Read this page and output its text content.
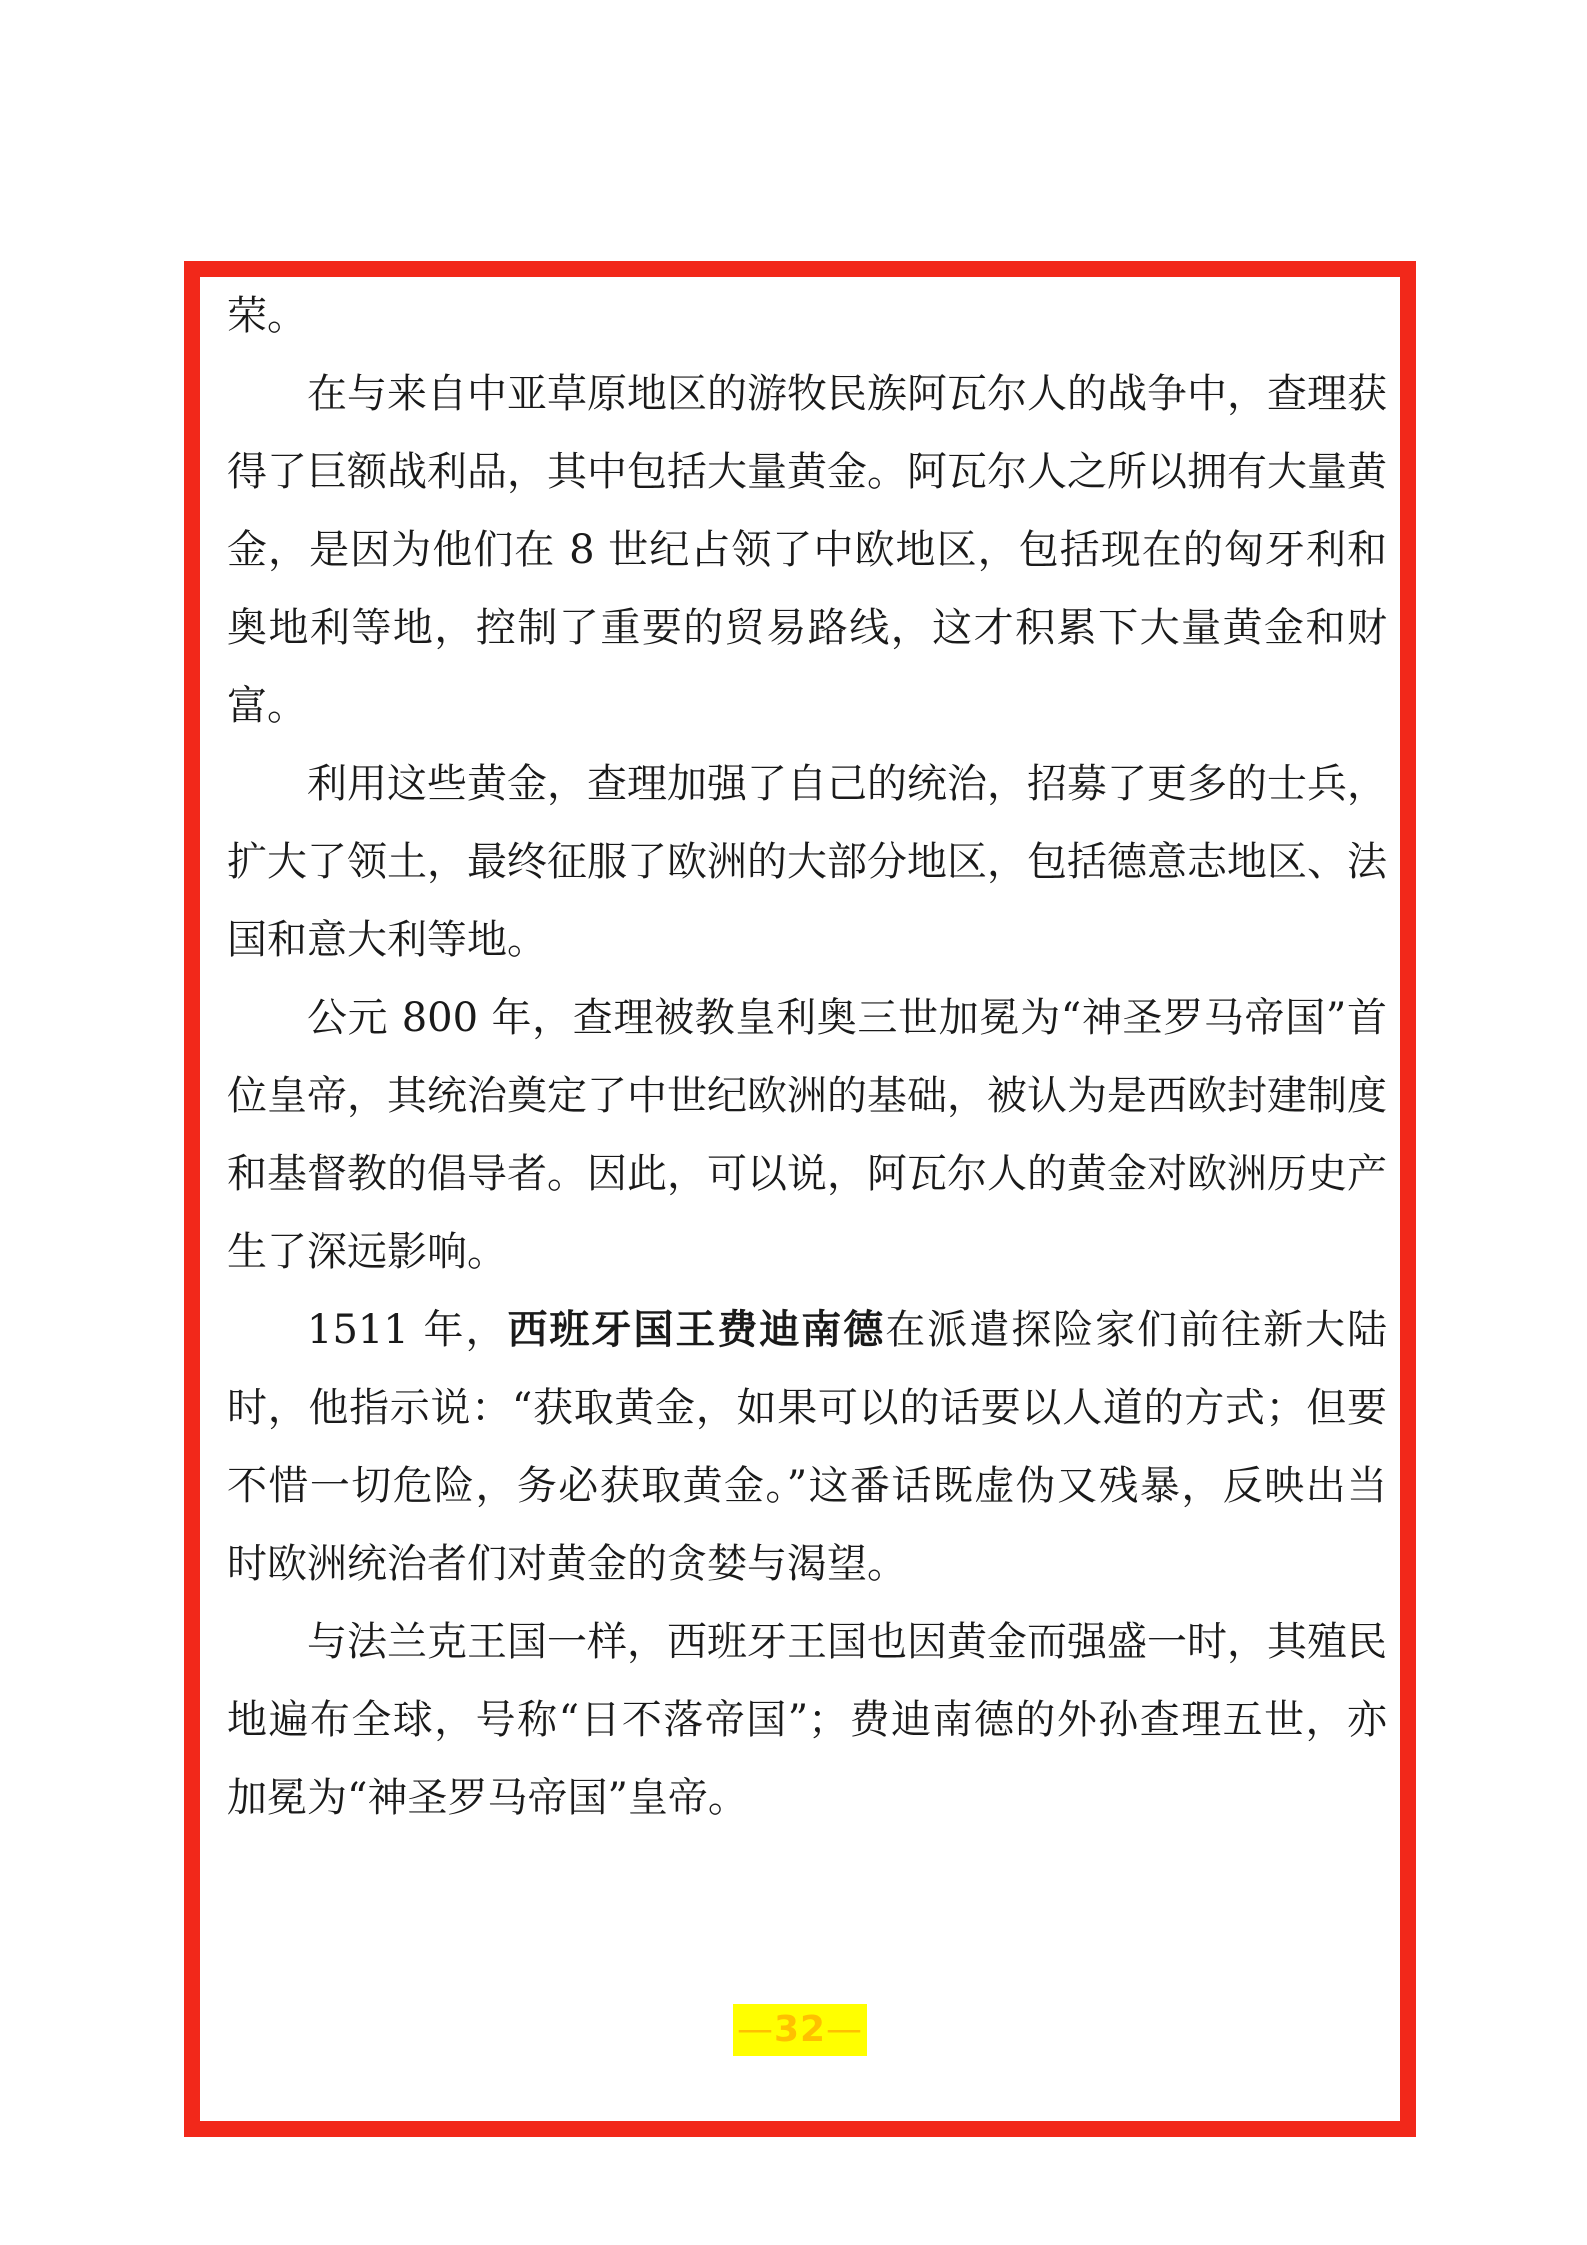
荣。

在与来自中亚草原地区的游牧民族阿瓦尔人的战争中，查理获得了巨额战利品，其中包括大量黄金。阿瓦尔人之所以拥有大量黄金，是因为他们在 8 世纪占领了中欧地区，包括现在的匈牙利和奥地利等地，控制了重要的贸易路线，这才积累下大量黄金和财富。

利用这些黄金，查理加强了自己的统治，招募了更多的士兵，扩大了领土，最终征服了欧洲的大部分地区，包括德意志地区、法国和意大利等地。

公元 800 年，查理被教皇利奥三世加冕为“神圣罗马帝国”首位皇帝，其统治奠定了中世纪欧洲的基础，被认为是西欧封建制度和基督教的倡导者。因此，可以说，阿瓦尔人的黄金对欧洲历史产生了深远影响。

1511 年，西班牙国王费迪南德在派遣探险家们前往新大陆时，他指示说：“获取黄金，如果可以的话要以人道的方式；但要不惜一切危险，务必获取黄金。”这番话既虚伪又残暴，反映出当时欧洲统治者们对黄金的贪婪与渴望。

与法兰克王国一样，西班牙王国也因黄金而强盛一时，其殖民地遍布全球，号称“日不落帝国”；费迪南德的外孙查理五世，亦加冕为“神圣罗马帝国”皇帝。

—32—
